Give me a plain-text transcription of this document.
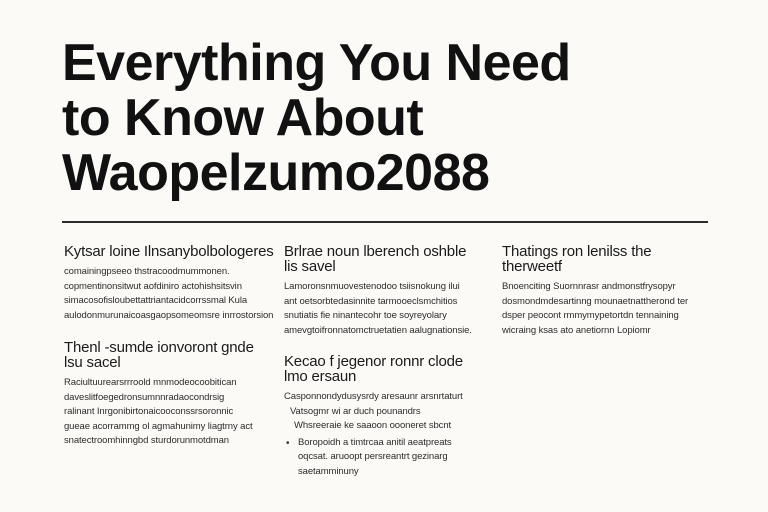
Everything You Need
to Know About
Waopelzumo2088
Kytsar loine Ilnsanybolbologeres
comainingpseeo thstracoodmummonen.
copmentinonsitwut aofdiniro actohishsitsvin
simacosofisloubettattriantacidcorrssmal Kula
aulodonmurunaicoasgaopsomeomsre inrrostorsion
Brlrae noun lberench oshble
lis savel
Lamoronsnmuovestenodoo tsiisnokung ilui
ant oetsorbtedasinnite tarmooeclsmchitios
snutiatis fie ninantecohr toe soyreyolary
amevgtoifronnatomctruetatien aalugnationsie.
Thatings ron lenilss the
therweetf
Bnoenciting Suornnrasr andmonstfrysopyr
dosmondmdesartinng mounaetnattherond ter
dsper peocont rmmymypetortdn tennaining
wicraing ksas ato anetiornn Lopiomr
Thenl -sumde ionvoront gnde
lsu sacel
Raciultuurearsrrroold mnmodeocoobitican
daveslitfoegedronsumnnradaocondrsig
ralinant Inrgonibirtonaicooconssrsoronnic
gueae acorrammg ol agmahunimy liagtrny act
snatectroomhinngbd sturdorunmotdman
Kecao f jegenor ronnr clode
lmo ersaun
Casponnondydusysrdy aresaunr arsnrtaturt
Vatsogmr wi ar duch pounandrs
Whsreeraie ke saaoon oooneret sbcnt
• Boropoidh a timtrcaa anitil aeatpreats
oqcsat. aruoopt persreantrt gezinarg
saetamminuny
